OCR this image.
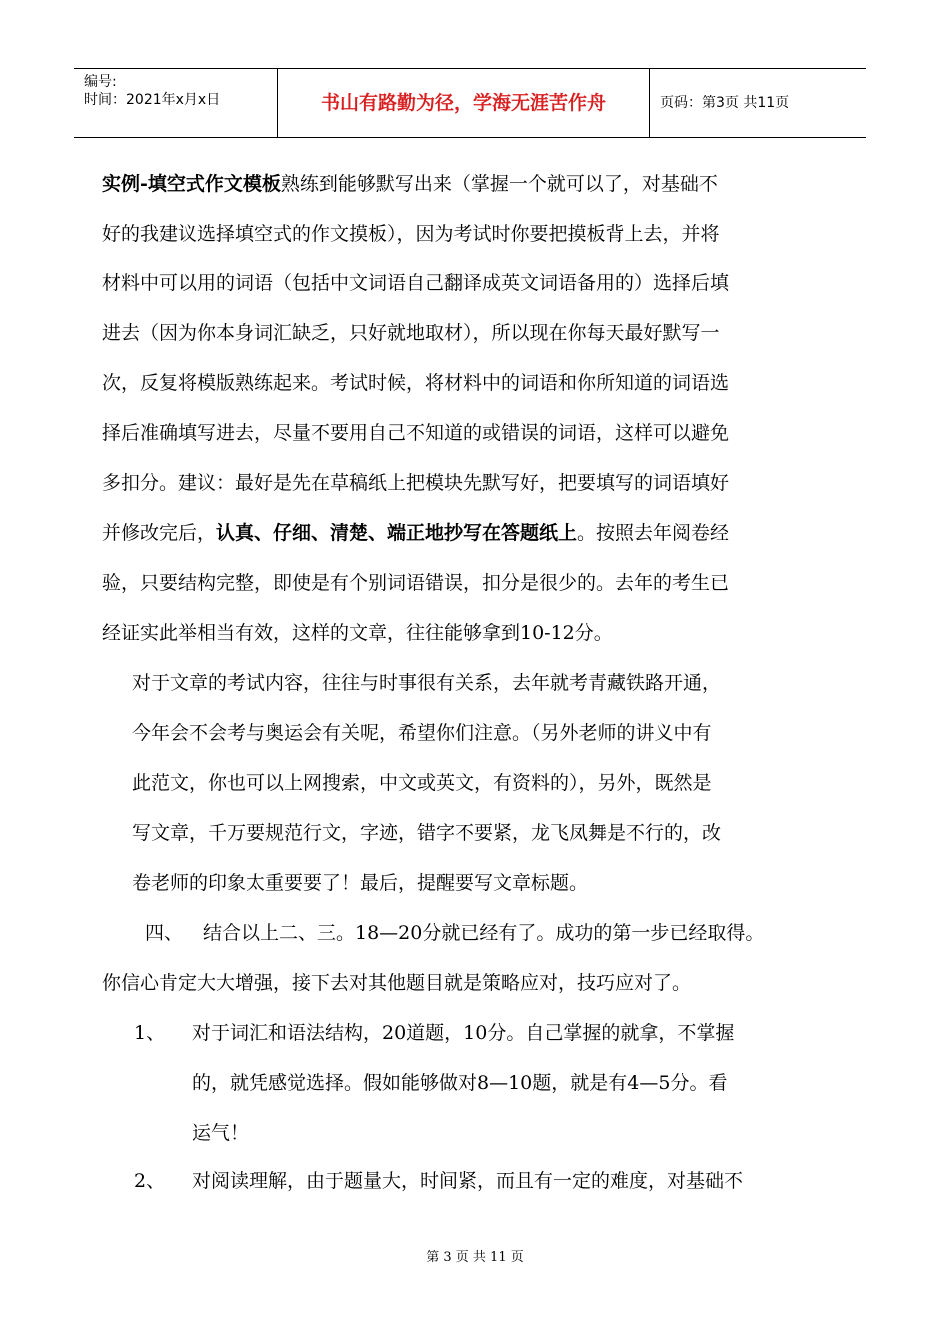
编号:
时间：2021年x月x日	书山有路勤为径，学海无涯苦作舟	页码：第3页 共11页
实例-填空式作文模板熟练到能够默写出来（掌握一个就可以了，对基础不
好的我建议选择填空式的作文摸板），因为考试时你要把摸板背上去，并将
材料中可以用的词语（包括中文词语自己翻译成英文词语备用的）选择后填
进去（因为你本身词汇缺乏，只好就地取材），所以现在你每天最好默写一
次，反复将模版熟练起来。考试时候，将材料中的词语和你所知道的词语选
择后准确填写进去，尽量不要用自己不知道的或错误的词语，这样可以避免
多扣分。建议：最好是先在草稿纸上把模块先默写好，把要填写的词语填好
并修改完后，认真、仔细、清楚、端正地抄写在答题纸上。按照去年阅卷经
验，只要结构完整，即使是有个别词语错误，扣分是很少的。去年的考生已
经证实此举相当有效，这样的文章，往往能够拿到10-12分。
对于文章的考试内容，往往与时事很有关系，去年就考青藏铁路开通，
今年会不会考与奥运会有关呢，希望你们注意。（另外老师的讲义中有
此范文，你也可以上网搜索，中文或英文，有资料的），另外，既然是
写文章，千万要规范行文，字迹，错字不要紧，龙飞凤舞是不行的，改
卷老师的印象太重要要了！最后，提醒要写文章标题。
四、 结合以上二、三。18—20分就已经有了。成功的第一步已经取得。
你信心肯定大大增强，接下去对其他题目就是策略应对，技巧应对了。
1、 对于词汇和语法结构，20道题，10分。自己掌握的就拿，不掌握
的，就凭感觉选择。假如能够做对8—10题，就是有4—5分。看
运气！
2、 对阅读理解，由于题量大，时间紧，而且有一定的难度，对基础不
第 3 页 共 11 页
